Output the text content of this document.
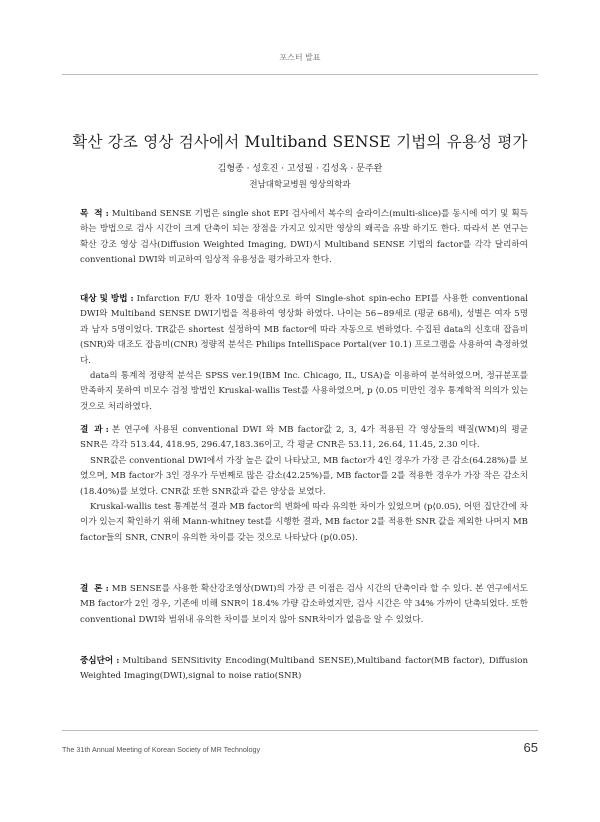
포스터 발표
확산 강조 영상 검사에서 Multiband SENSE 기법의 유용성 평가
김형종 · 성호진 · 고성필 · 김성옥 · 문주완
전남대학교병원 영상의학과
목  적 : Multiband SENSE 기법은 single shot EPI 검사에서 복수의 슬라이스(multi-slice)를 동시에 여기 및 획득하는 방법으로 검사 시간이 크게 단축이 되는 장점을 가지고 있지만 영상의 왜곡을 유발 하기도 한다. 따라서 본 연구는 확산 강조 영상 검사(Diffusion Weighted Imaging, DWI)시 Multiband SENSE 기법의 factor를 각각 달리하여 conventional DWI와 비교하여 임상적 유용성을 평가하고자 한다.

대상 및 방법 : Infarction F/U 환자 10명을 대상으로 하여 Single-shot spin-echo EPI를 사용한 conventional DWI와 Multiband SENSE DWI기법을 적용하여 영상화 하였다. 나이는 56~89세로 (평균 68세), 성별은 여자 5명과 남자 5명이었다. TR값은 shortest 설정하여 MB factor에 따라 자동으로 변하였다. 수집된 data의 신호대 잡음비(SNR)와 대조도 잡음비(CNR) 정량적 분석은 Philips IntelliSpace Portal(ver 10.1) 프로그램을 사용하여 측정하였다.

data의 통계적 정량적 분석은 SPSS ver.19(IBM Inc. Chicago, IL, USA)을 이용하여 분석하였으며, 정규분포를 만족하지 못하여 비모수 검정 방법인 Kruskal-wallis Test를 사용하였으며, p ⟨0.05 미만인 경우 통계학적 의의가 있는 것으로 처리하였다.

결  과 : 본 연구에 사용된 conventional DWI 와 MB factor값 2, 3, 4가 적용된 각 영상들의 백질(WM)의 평균 SNR은 각각 513.44, 418.95, 296.47,183.36이고, 각 평균 CNR은 53.11, 26.64, 11.45, 2.30 이다.

SNR값은 conventional DWI에서 가장 높은 값이 나타났고, MB factor가 4인 경우가 가장 큰 감소(64.28%)를 보였으며, MB factor가 3인 경우가 두번째로 많은 감소(42.25%)를, MB factor를 2를 적용한 경우가 가장 작은 감소치(18.40%)를 보였다. CNR값 또한 SNR값과 같은 양상을 보였다.

Kruskal-wallis test 통계분석 결과 MB factor의 변화에 따라 유의한 차이가 있었으며 (p⟨0.05), 어떤 집단간에 차이가 있는지 확인하기 위해 Mann-whitney test를 시행한 결과, MB factor 2를 적용한 SNR 값을 제외한 나머지 MB factor들의 SNR, CNR이 유의한 차이를 갖는 것으로 나타났다 (p⟨0.05).

결  론 : MB SENSE를 사용한 확산강조영상(DWI)의 가장 큰 이점은 검사 시간의 단축이라 할 수 있다. 본 연구에서도 MB factor가 2인 경우, 기존에 비해 SNR이 18.4% 가량 감소하였지만, 검사 시간은 약 34% 가까이 단축되었다. 또한 conventional DWI와 범위내 유의한 차이를 보이지 않아 SNR차이가 없음을 알 수 있었다.

중심단어 : Multiband SENSitivity Encoding(Multiband SENSE),Multiband factor(MB factor), Diffusion Weighted Imaging(DWI),signal to noise ratio(SNR)

The 31th Annual Meeting of Korean Society of MR Technology	65
